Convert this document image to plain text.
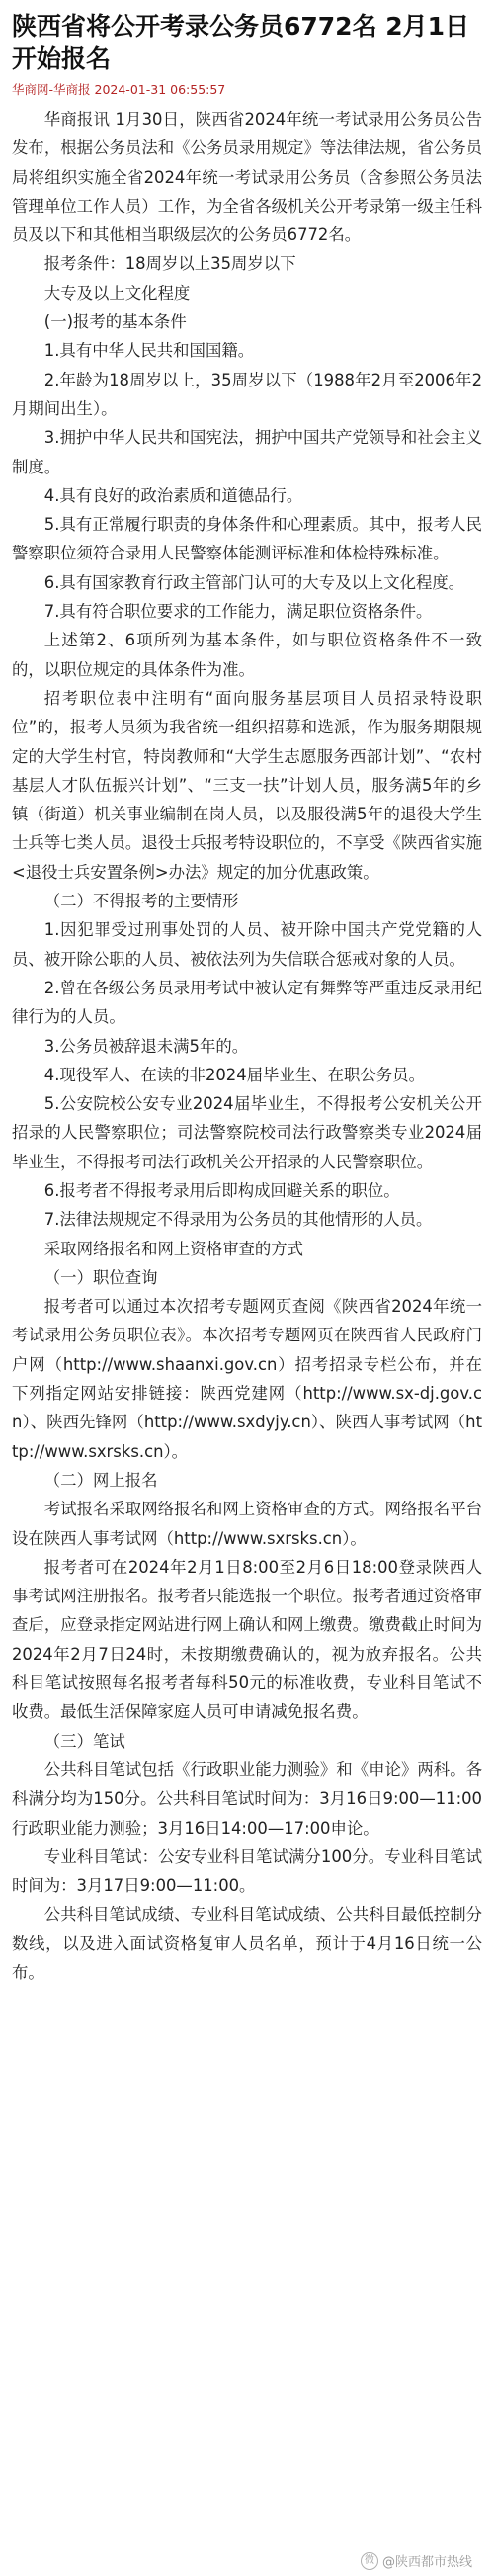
陕西省将公开考录公务员6772名 2月1日开始报名
华商网-华商报 2024-01-31 06:55:57

华商报讯 1月30日，陕西省2024年统一考试录用公务员公告发布，根据公务员法和《公务员录用规定》等法律法规，省公务员局将组织实施全省2024年统一考试录用公务员（含参照公务员法管理单位工作人员）工作，为全省各级机关公开考录第一级主任科员及以下和其他相当职级层次的公务员6772名。

报考条件：18周岁以上35周岁以下

大专及以上文化程度

(一)报考的基本条件

1.具有中华人民共和国国籍。

2.年龄为18周岁以上，35周岁以下（1988年2月至2006年2月期间出生）。

3.拥护中华人民共和国宪法，拥护中国共产党领导和社会主义制度。

4.具有良好的政治素质和道德品行。

5.具有正常履行职责的身体条件和心理素质。其中，报考人民警察职位须符合录用人民警察体能测评标准和体检特殊标准。

6.具有国家教育行政主管部门认可的大专及以上文化程度。

7.具有符合职位要求的工作能力，满足职位资格条件。

上述第2、6项所列为基本条件，如与职位资格条件不一致的，以职位规定的具体条件为准。

招考职位表中注明有“面向服务基层项目人员招录特设职位”的，报考人员须为我省统一组织招募和选派，作为服务期限规定的大学生村官，特岗教师和“大学生志愿服务西部计划”、“农村基层人才队伍振兴计划”、“三支一扶”计划人员，服务满5年的乡镇（街道）机关事业编制在岗人员，以及服役满5年的退役大学生士兵等七类人员。退役士兵报考特设职位的，不享受《陕西省实施<退役士兵安置条例>办法》规定的加分优惠政策。

（二）不得报考的主要情形

1.因犯罪受过刑事处罚的人员、被开除中国共产党党籍的人员、被开除公职的人员、被依法列为失信联合惩戒对象的人员。

2.曾在各级公务员录用考试中被认定有舞弊等严重违反录用纪律行为的人员。

3.公务员被辞退未满5年的。

4.现役军人、在读的非2024届毕业生、在职公务员。

5.公安院校公安专业2024届毕业生，不得报考公安机关公开招录的人民警察职位；司法警察院校司法行政警察类专业2024届毕业生，不得报考司法行政机关公开招录的人民警察职位。

6.报考者不得报考录用后即构成回避关系的职位。

7.法律法规规定不得录用为公务员的其他情形的人员。

采取网络报名和网上资格审查的方式

（一）职位查询

报考者可以通过本次招考专题网页查阅《陕西省2024年统一考试录用公务员职位表》。本次招考专题网页在陕西省人民政府门户网（http://www.shaanxi.gov.cn）招考招录专栏公布，并在下列指定网站安排链接：陕西党建网（http://www.sx-dj.gov.cn）、陕西先锋网（http://www.sxdyjy.cn）、陕西人事考试网（http://www.sxrsks.cn）。

（二）网上报名

考试报名采取网络报名和网上资格审查的方式。网络报名平台设在陕西人事考试网（http://www.sxrsks.cn）。

报考者可在2024年2月1日8:00至2月6日18:00登录陕西人事考试网注册报名。报考者只能选报一个职位。报考者通过资格审查后，应登录指定网站进行网上确认和网上缴费。缴费截止时间为2024年2月7日24时，未按期缴费确认的，视为放弃报名。公共科目笔试按照每名报考者每科50元的标准收费，专业科目笔试不收费。最低生活保障家庭人员可申请减免报名费。

（三）笔试

公共科目笔试包括《行政职业能力测验》和《申论》两科。各科满分均为150分。公共科目笔试时间为：3月16日9:00—11:00行政职业能力测验；3月16日14:00—17:00申论。

专业科目笔试：公安专业科目笔试满分100分。专业科目笔试时间为：3月17日9:00—11:00。

公共科目笔试成绩、专业科目笔试成绩、公共科目最低控制分数线，以及进入面试资格复审人员名单，预计于4月16日统一公布。

微 @陕西都市热线
